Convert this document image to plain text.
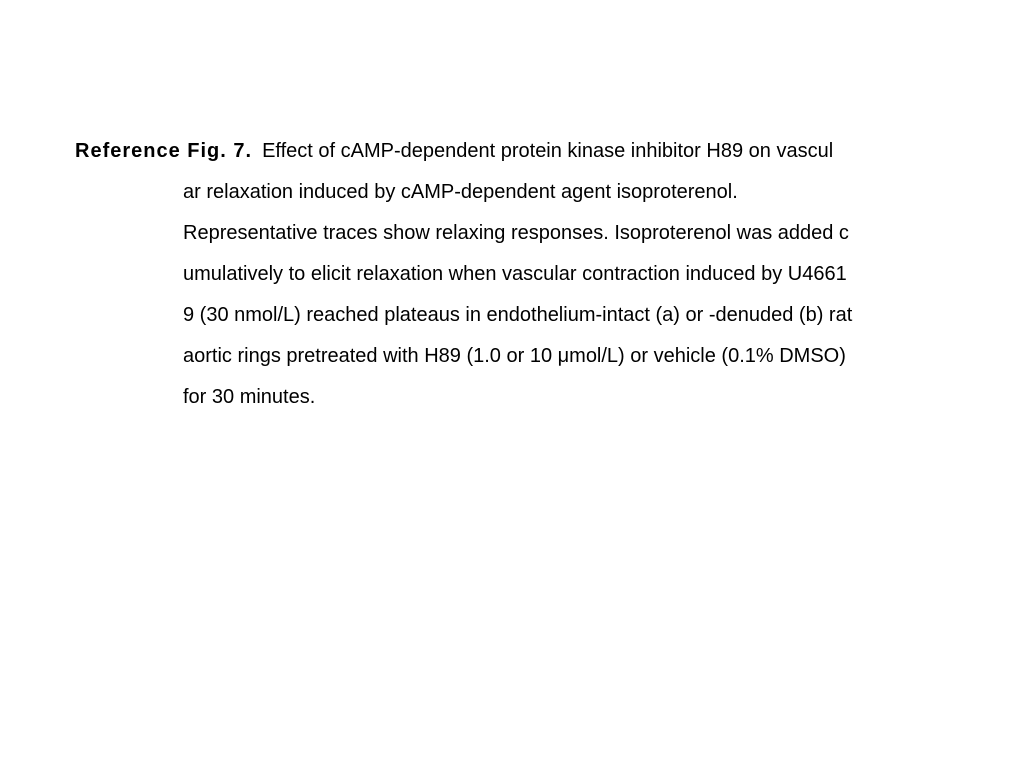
Reference Fig. 7. Effect of cAMP-dependent protein kinase inhibitor H89 on vascul
ar relaxation induced by cAMP-dependent agent isoproterenol.
Representative traces show relaxing responses. Isoproterenol was added c
umulatively to elicit relaxation when vascular contraction induced by U4661
9 (30 nmol/L) reached plateaus in endothelium-intact (a) or -denuded (b) rat
aortic rings pretreated with H89 (1.0 or 10 μmol/L) or vehicle (0.1% DMSO)
for 30 minutes.
